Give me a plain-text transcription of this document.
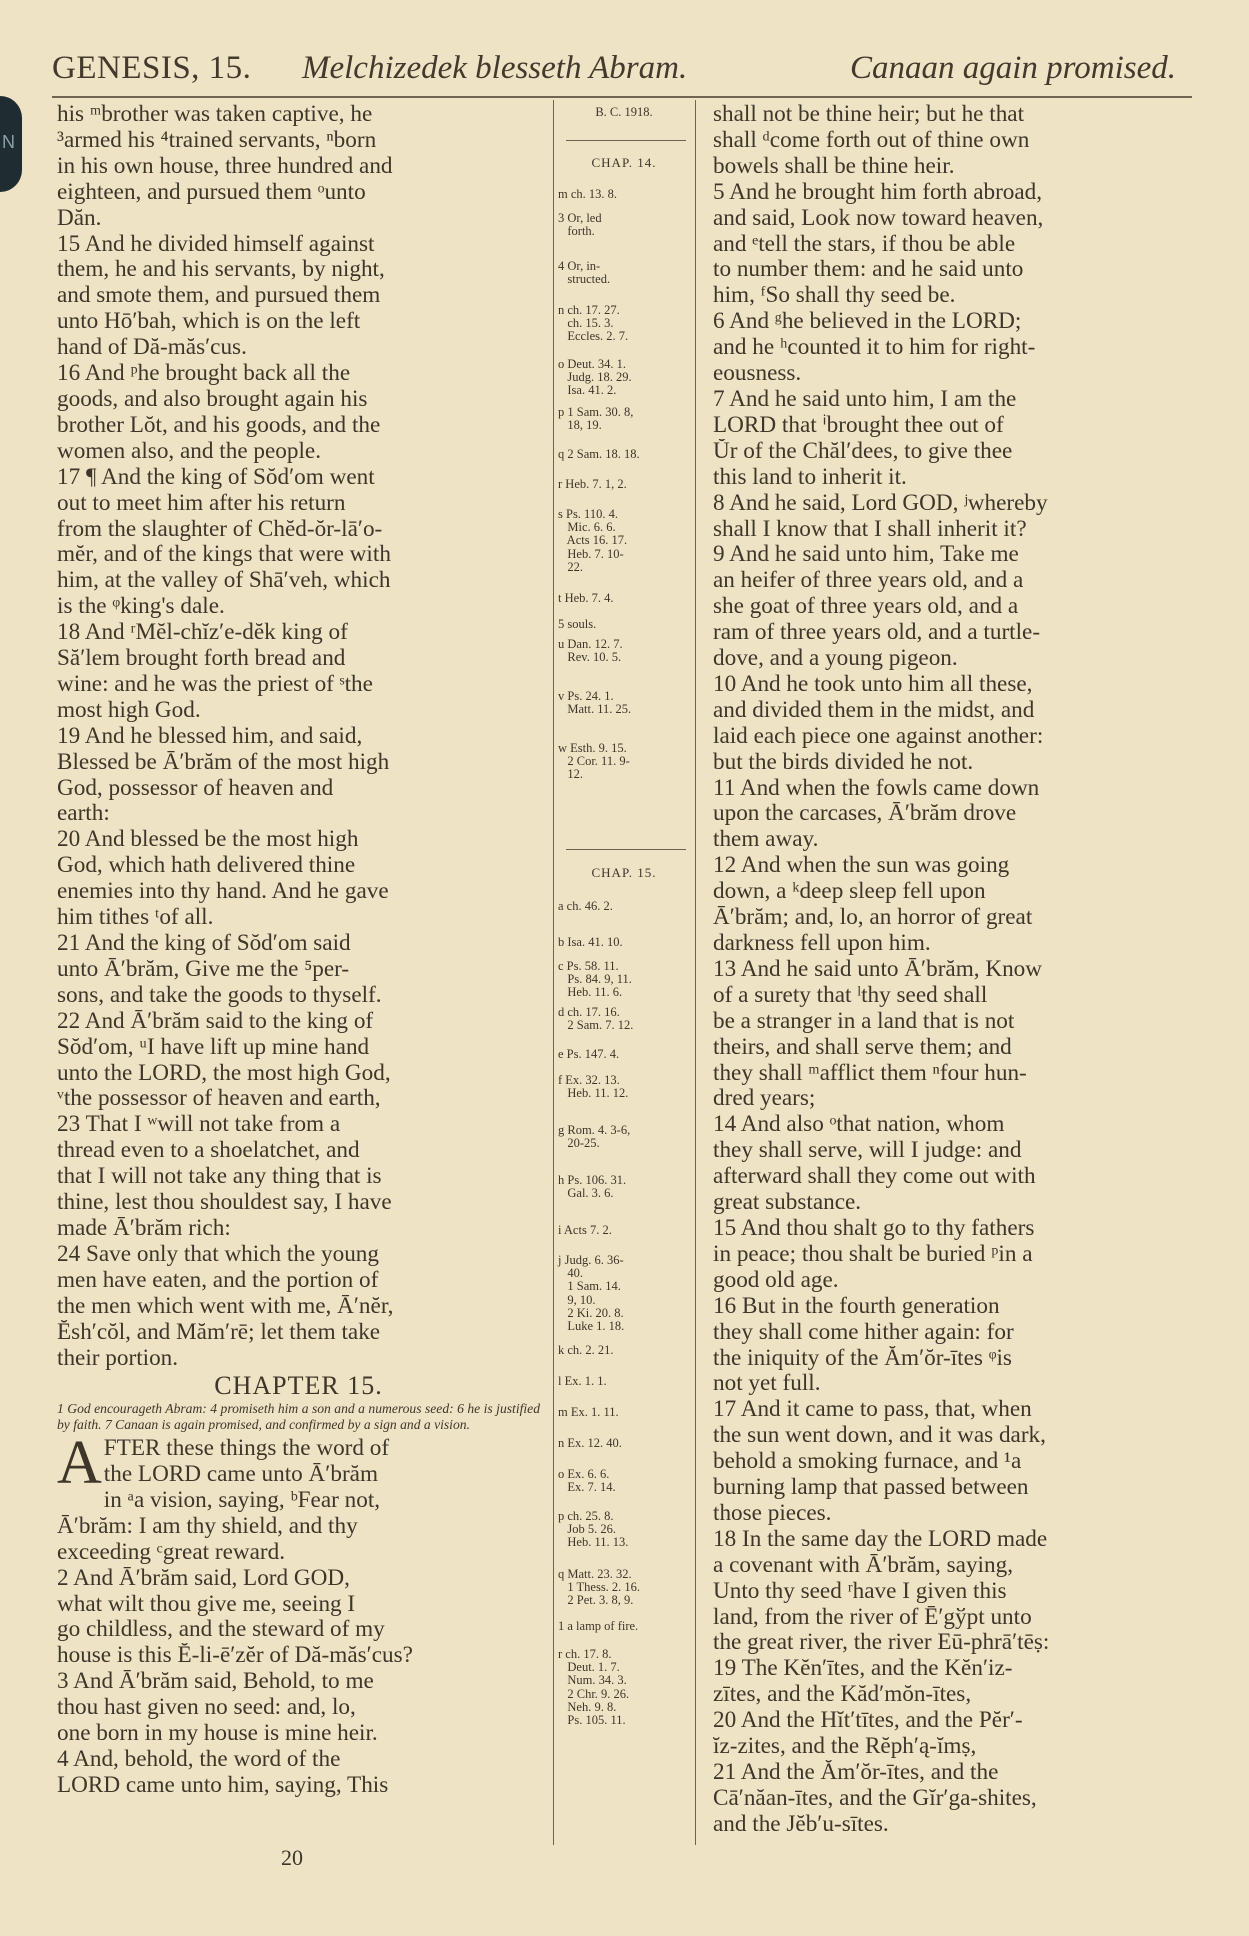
N
GENESIS, 15. Melchizedek blesseth Abram.	Canaan again promised.

his ᵐbrother was taken captive, he

³armed his ⁴trained servants, ⁿborn

in his own house, three hundred and

eighteen, and pursued them ᵒunto

Dăn.

15 And he divided himself against

them, he and his servants, by night,

and smote them, and pursued them

unto Hō′bah, which is on the left

hand of Dă-măs′cus.

16 And ᵖhe brought back all the

goods, and also brought again his

brother Lŏt, and his goods, and the

women also, and the people.

17 ¶ And the king of Sŏd′om went

out to meet him after his return

from the slaughter of Chĕd-ŏr-lā′o-

mĕr, and of the kings that were with

him, at the valley of Shā′veh, which

is the ᵠking's dale.

18 And ʳMĕl-chĭz′e-dĕk king of

Să′lem brought forth bread and

wine: and he was the priest of ˢthe

most high God.

19 And he blessed him, and said,

Blessed be Ā′brăm of the most high

God, possessor of heaven and

earth:

20 And blessed be the most high

God, which hath delivered thine

enemies into thy hand. And he gave

him tithes ᵗof all.

21 And the king of Sŏd′om said

unto Ā′brăm, Give me the ⁵per-

sons, and take the goods to thyself.

22 And Ā′brăm said to the king of

Sŏd′om, ᵘI have lift up mine hand

unto the LORD, the most high God,

ᵛthe possessor of heaven and earth,

23 That I ʷwill not take from a

thread even to a shoelatchet, and

that I will not take any thing that is

thine, lest thou shouldest say, I have

made Ā′brăm rich:

24 Save only that which the young

men have eaten, and the portion of

the men which went with me, Ā′nĕr,

Ĕsh′cŏl, and Măm′rē; let them take

their portion.

CHAPTER 15.

1 God encourageth Abram: 4 promiseth him a son and a numerous seed: 6 he is justified by faith. 7 Canaan is again promised, and confirmed by a sign and a vision.

A FTER these things the word of

the LORD came unto Ā′brăm

in ᵃa vision, saying, ᵇFear not,

Ā′brăm: I am thy shield, and thy

exceeding ᶜgreat reward.

2 And Ā′brăm said, Lord GOD,

what wilt thou give me, seeing I

go childless, and the steward of my

house is this Ĕ-li-ē′zĕr of Dă-măs′cus?

3 And Ā′brăm said, Behold, to me

thou hast given no seed: and, lo,

one born in my house is mine heir.

4 And, behold, the word of the

LORD came unto him, saying, This

B. C. 1918.
CHAP. 14.
m ch. 13. 8.
3 Or, led
forth.
4 Or, in-
structed.
n ch. 17. 27.
ch. 15. 3.
Eccles. 2. 7.
o Deut. 34. 1.
Judg. 18. 29.
Isa. 41. 2.
p 1 Sam. 30. 8,
18, 19.
q 2 Sam. 18. 18.
r Heb. 7. 1, 2.
s Ps. 110. 4.
Mic. 6. 6.
Acts 16. 17.
Heb. 7. 10-
22.
t Heb. 7. 4.
5 souls.
u Dan. 12. 7.
Rev. 10. 5.
v Ps. 24. 1.
Matt. 11. 25.
w Esth. 9. 15.
2 Cor. 11. 9-
12.
CHAP. 15.
a ch. 46. 2.
b Isa. 41. 10.
c Ps. 58. 11.
Ps. 84. 9, 11.
Heb. 11. 6.
d ch. 17. 16.
2 Sam. 7. 12.
e Ps. 147. 4.
f Ex. 32. 13.
Heb. 11. 12.
g Rom. 4. 3-6,
20-25.
h Ps. 106. 31.
Gal. 3. 6.
i Acts 7. 2.
j Judg. 6. 36-
40.
1 Sam. 14.
9, 10.
2 Ki. 20. 8.
Luke 1. 18.
k ch. 2. 21.
l Ex. 1. 1.
m Ex. 1. 11.
n Ex. 12. 40.
o Ex. 6. 6.
Ex. 7. 14.
p ch. 25. 8.
Job 5. 26.
Heb. 11. 13.
q Matt. 23. 32.
1 Thess. 2. 16.
2 Pet. 3. 8, 9.
1 a lamp of fire.
r ch. 17. 8.
Deut. 1. 7.
Num. 34. 3.
2 Chr. 9. 26.
Neh. 9. 8.
Ps. 105. 11.

shall not be thine heir; but he that

shall ᵈcome forth out of thine own

bowels shall be thine heir.

5 And he brought him forth abroad,

and said, Look now toward heaven,

and ᵉtell the stars, if thou be able

to number them: and he said unto

him, ᶠSo shall thy seed be.

6 And ᵍhe believed in the LORD;

and he ʰcounted it to him for right-

eousness.

7 And he said unto him, I am the

LORD that ⁱbrought thee out of

Ŭr of the Chăl′dees, to give thee

this land to inherit it.

8 And he said, Lord GOD, ʲwhereby

shall I know that I shall inherit it?

9 And he said unto him, Take me

an heifer of three years old, and a

she goat of three years old, and a

ram of three years old, and a turtle-

dove, and a young pigeon.

10 And he took unto him all these,

and divided them in the midst, and

laid each piece one against another:

but the birds divided he not.

11 And when the fowls came down

upon the carcases, Ā′brăm drove

them away.

12 And when the sun was going

down, a ᵏdeep sleep fell upon

Ā′brăm; and, lo, an horror of great

darkness fell upon him.

13 And he said unto Ā′brăm, Know

of a surety that ˡthy seed shall

be a stranger in a land that is not

theirs, and shall serve them; and

they shall ᵐafflict them ⁿfour hun-

dred years;

14 And also ᵒthat nation, whom

they shall serve, will I judge: and

afterward shall they come out with

great substance.

15 And thou shalt go to thy fathers

in peace; thou shalt be buried ᵖin a

good old age.

16 But in the fourth generation

they shall come hither again: for

the iniquity of the Ăm′ŏr-ītes ᵠis

not yet full.

17 And it came to pass, that, when

the sun went down, and it was dark,

behold a smoking furnace, and ¹a

burning lamp that passed between

those pieces.

18 In the same day the LORD made

a covenant with Ā′brăm, saying,

Unto thy seed ʳhave I given this

land, from the river of Ē′gўpt unto

the great river, the river Eū-phrā′tēṣ:

19 The Kĕn′ītes, and the Kĕn′iz-

zītes, and the Kăd′mŏn-ītes,

20 And the Hĭt′tītes, and the Pĕr′-

ĭz-zites, and the Rĕph′ą-ĭmṣ,

21 And the Ăm′ŏr-ītes, and the

Cā′năan-ītes, and the Gĭr′ga-shites,

and the Jĕb′u-sītes.

20
